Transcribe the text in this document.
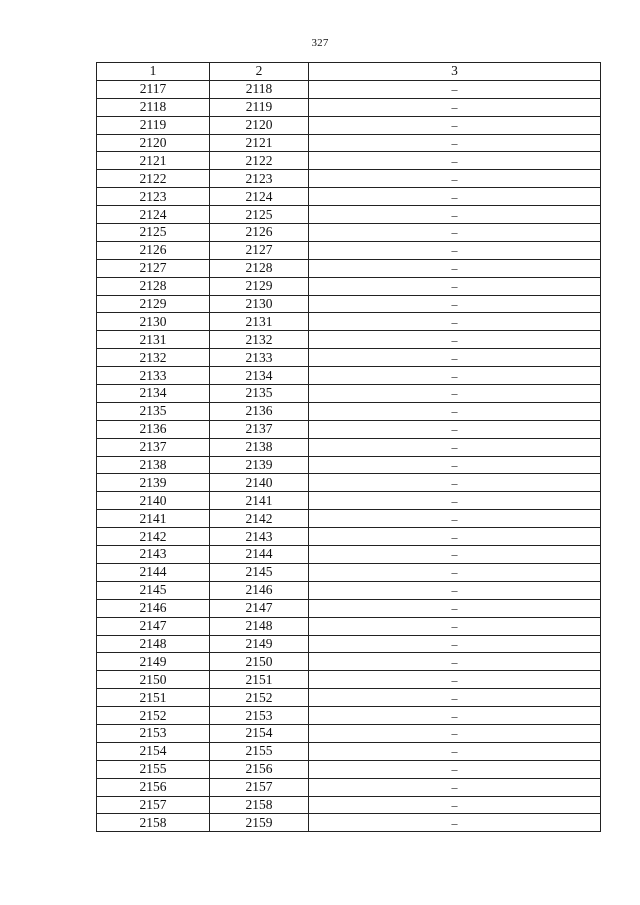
327
1	2	3
2117	2118	–
2118	2119	–
2119	2120	–
2120	2121	–
2121	2122	–
2122	2123	–
2123	2124	–
2124	2125	–
2125	2126	–
2126	2127	–
2127	2128	–
2128	2129	–
2129	2130	–
2130	2131	–
2131	2132	–
2132	2133	–
2133	2134	–
2134	2135	–
2135	2136	–
2136	2137	–
2137	2138	–
2138	2139	–
2139	2140	–
2140	2141	–
2141	2142	–
2142	2143	–
2143	2144	–
2144	2145	–
2145	2146	–
2146	2147	–
2147	2148	–
2148	2149	–
2149	2150	–
2150	2151	–
2151	2152	–
2152	2153	–
2153	2154	–
2154	2155	–
2155	2156	–
2156	2157	–
2157	2158	–
2158	2159	–
